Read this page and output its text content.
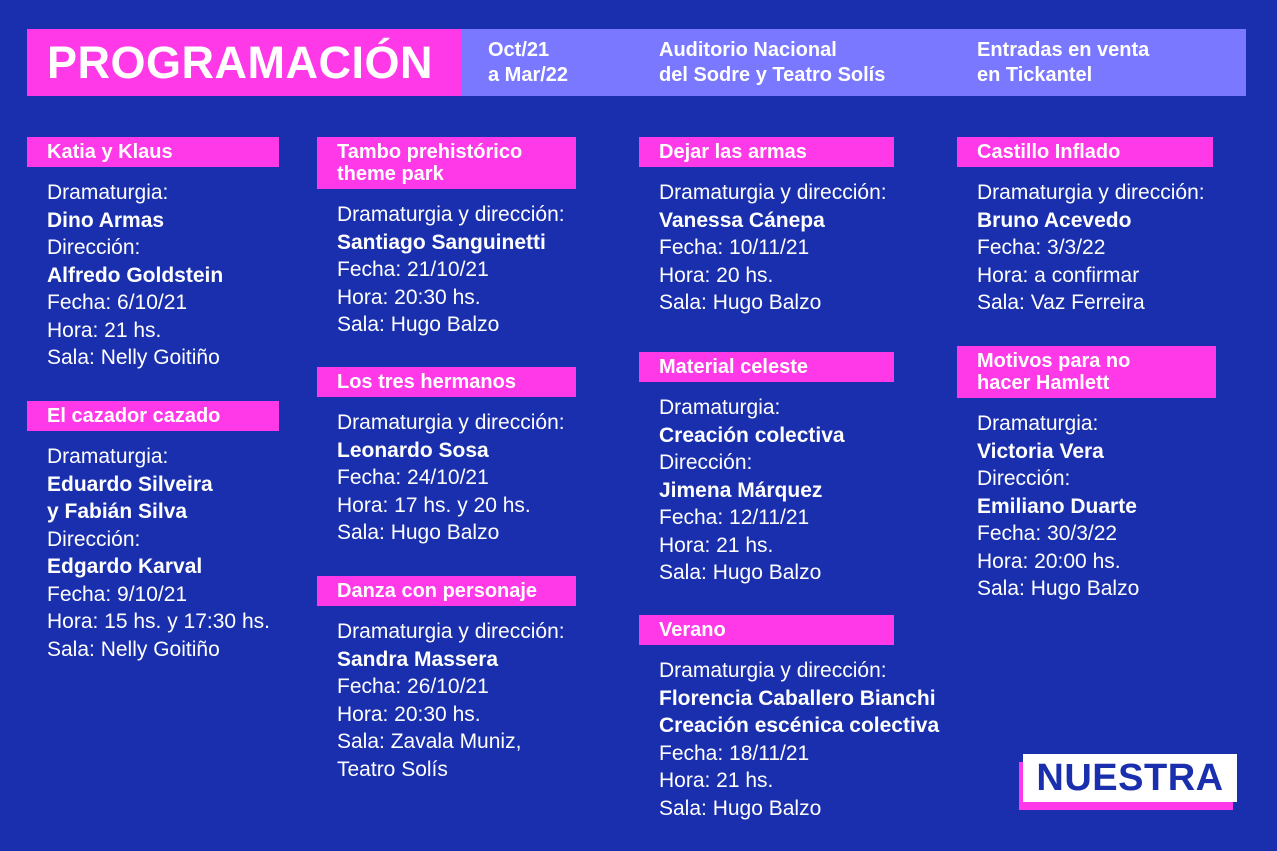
PROGRAMACIÓN	Oct/21
a Mar/22
Auditorio Nacional
del Sodre y Teatro Solís
Entradas en venta
en Tickantel
Katia y Klaus
Dramaturgia:
Dino Armas
Dirección:
Alfredo Goldstein
Fecha: 6/10/21
Hora: 21 hs.
Sala: Nelly Goitiño
El cazador cazado
Dramaturgia:
Eduardo Silveira
y Fabián Silva
Dirección:
Edgardo Karval
Fecha: 9/10/21
Hora: 15 hs. y 17:30 hs.
Sala: Nelly Goitiño
Tambo prehistórico
theme park
Dramaturgia y dirección:
Santiago Sanguinetti
Fecha: 21/10/21
Hora: 20:30 hs.
Sala: Hugo Balzo
Los tres hermanos
Dramaturgia y dirección:
Leonardo Sosa
Fecha: 24/10/21
Hora: 17 hs. y 20 hs.
Sala: Hugo Balzo
Danza con personaje
Dramaturgia y dirección:
Sandra Massera
Fecha: 26/10/21
Hora: 20:30 hs.
Sala: Zavala Muniz,
Teatro Solís
Dejar las armas
Dramaturgia y dirección:
Vanessa Cánepa
Fecha: 10/11/21
Hora: 20 hs.
Sala: Hugo Balzo
Material celeste
Dramaturgia:
Creación colectiva
Dirección:
Jimena Márquez
Fecha: 12/11/21
Hora: 21 hs.
Sala: Hugo Balzo
Verano
Dramaturgia y dirección:
Florencia Caballero Bianchi
Creación escénica colectiva
Fecha: 18/11/21
Hora: 21 hs.
Sala: Hugo Balzo
Castillo Inflado
Dramaturgia y dirección:
Bruno Acevedo
Fecha: 3/3/22
Hora: a confirmar
Sala: Vaz Ferreira
Motivos para no
hacer Hamlett
Dramaturgia:
Victoria Vera
Dirección:
Emiliano Duarte
Fecha: 30/3/22
Hora: 20:00 hs.
Sala: Hugo Balzo
NUESTRA
